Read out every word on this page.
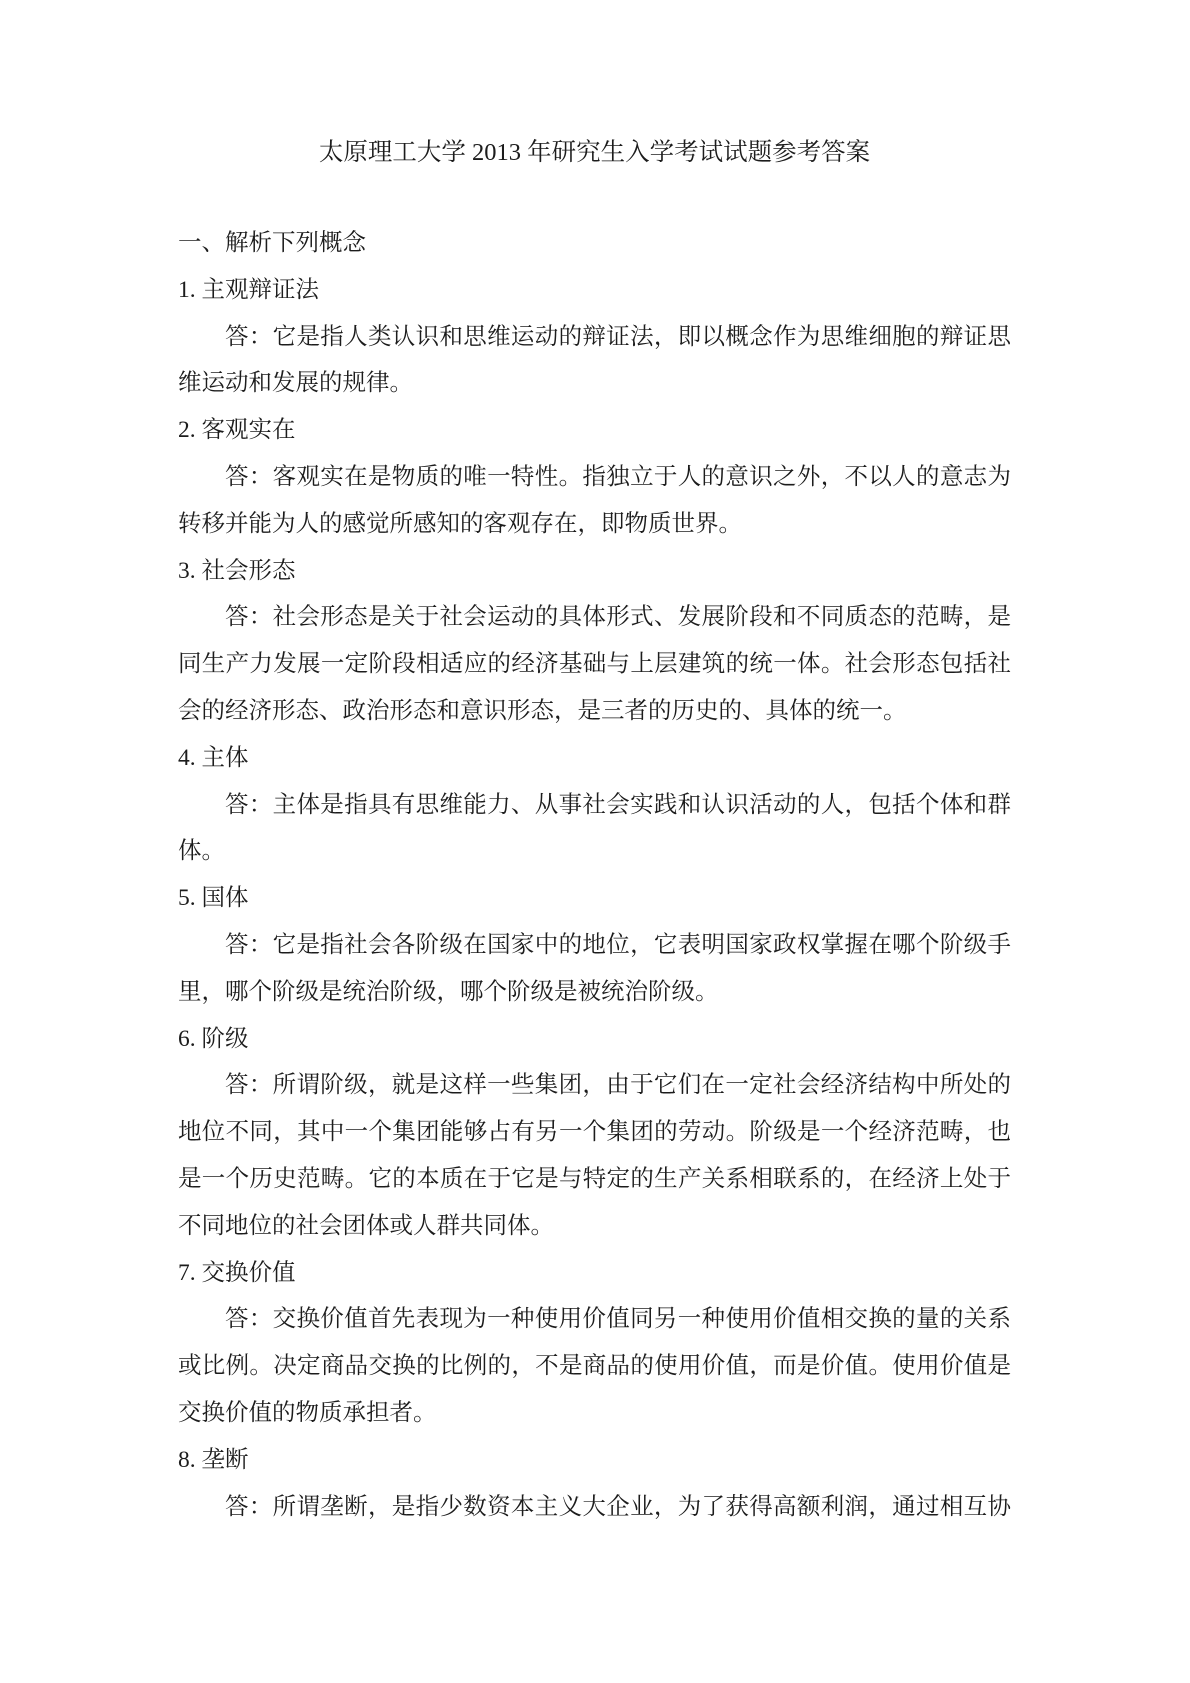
太原理工大学 2013 年研究生入学考试试题参考答案
一、解析下列概念
1. 主观辩证法
答：它是指人类认识和思维运动的辩证法，即以概念作为思维细胞的辩证思
维运动和发展的规律。
2. 客观实在
答：客观实在是物质的唯一特性。指独立于人的意识之外，不以人的意志为
转移并能为人的感觉所感知的客观存在，即物质世界。
3. 社会形态
答：社会形态是关于社会运动的具体形式、发展阶段和不同质态的范畴，是
同生产力发展一定阶段相适应的经济基础与上层建筑的统一体。社会形态包括社
会的经济形态、政治形态和意识形态，是三者的历史的、具体的统一。
4. 主体
答：主体是指具有思维能力、从事社会实践和认识活动的人，包括个体和群
体。
5. 国体
答：它是指社会各阶级在国家中的地位，它表明国家政权掌握在哪个阶级手
里，哪个阶级是统治阶级，哪个阶级是被统治阶级。
6. 阶级
答：所谓阶级，就是这样一些集团，由于它们在一定社会经济结构中所处的
地位不同，其中一个集团能够占有另一个集团的劳动。阶级是一个经济范畴，也
是一个历史范畴。它的本质在于它是与特定的生产关系相联系的，在经济上处于
不同地位的社会团体或人群共同体。
7. 交换价值
答：交换价值首先表现为一种使用价值同另一种使用价值相交换的量的关系
或比例。决定商品交换的比例的，不是商品的使用价值，而是价值。使用价值是
交换价值的物质承担者。
8. 垄断
答：所谓垄断，是指少数资本主义大企业，为了获得高额利润，通过相互协
